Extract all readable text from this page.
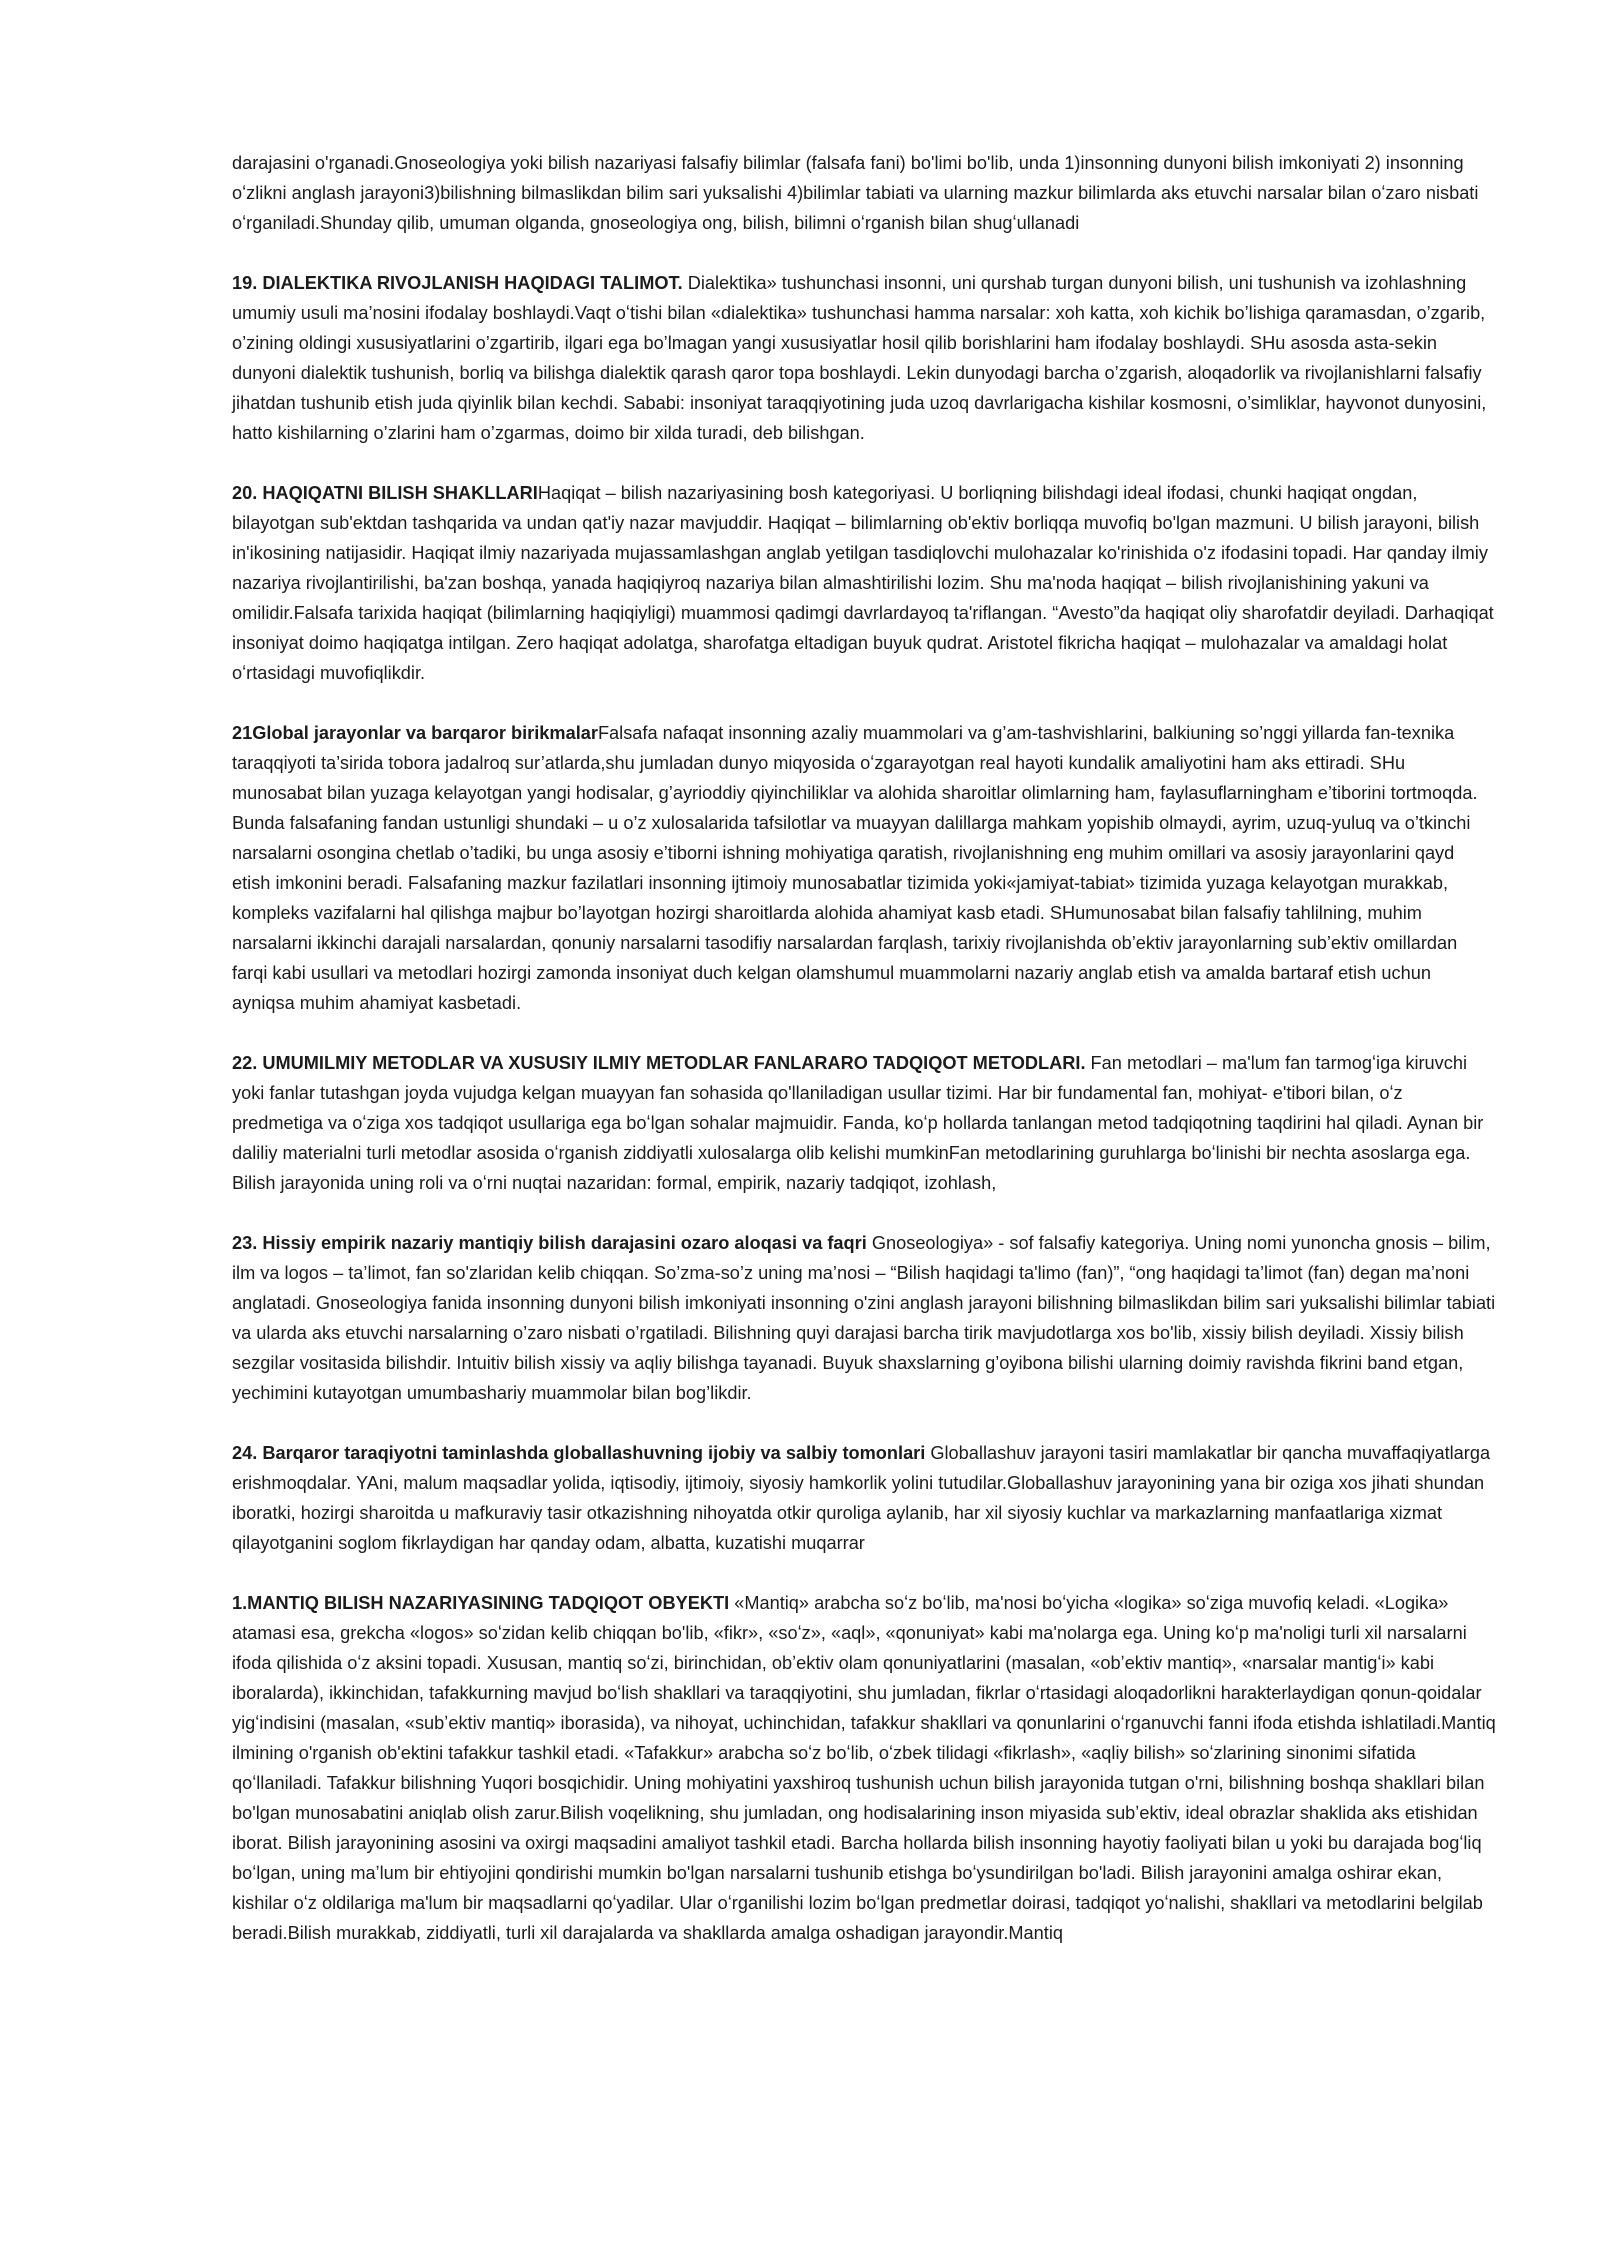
darajasini o'rganadi.Gnoseologiya yoki bilish nazariyasi falsafiy bilimlar (falsafa fani) bo'limi bo'lib, unda 1)insonning dunyoni bilish imkoniyati 2) insonning oʻzlikni anglash jarayoni3)bilishning bilmaslikdan bilim sari yuksalishi 4)bilimlar tabiati va ularning mazkur bilimlarda aks etuvchi narsalar bilan oʻzaro nisbati oʻrganiladi.Shunday qilib, umuman olganda, gnoseologiya ong, bilish, bilimni oʻrganish bilan shugʻullanadi

19. DIALEKTIKA RIVOJLANISH HAQIDAGI TALIMOT. Dialektika» tushunchasi insonni, uni qurshab turgan dunyoni bilish, uni tushunish va izohlashning umumiy usuli ma’nosini ifodalay boshlaydi.Vaqt oʻtishi bilan «dialektika» tushunchasi hamma narsalar: xoh katta, xoh kichik bo’lishiga qaramasdan, o’zgarib, o’zining oldingi xususiyatlarini o’zgartirib, ilgari ega bo’lmagan yangi xususiyatlar hosil qilib borishlarini ham ifodalay boshlaydi. SHu asosda asta-sekin dunyoni dialektik tushunish, borliq va bilishga dialektik qarash qaror topa boshlaydi. Lekin dunyodagi barcha o’zgarish, aloqadorlik va rivojlanishlarni falsafiy jihatdan tushunib etish juda qiyinlik bilan kechdi. Sababi: insoniyat taraqqiyotining juda uzoq davrlarigacha kishilar kosmosni, o’simliklar, hayvonot dunyosini, hatto kishilarning o’zlarini ham o’zgarmas, doimo bir xilda turadi, deb bilishgan.

20. HAQIQATNI BILISH SHAKLLARIHaqiqat – bilish nazariyasining bosh kategoriyasi. U borliqning bilishdagi ideal ifodasi, chunki haqiqat ongdan, bilayotgan sub'ektdan tashqarida va undan qat'iy nazar mavjuddir. Haqiqat – bilimlarning ob'ektiv borliqqa muvofiq bo'lgan mazmuni. U bilish jarayoni, bilish in'ikosining natijasidir. Haqiqat ilmiy nazariyada mujassamlashgan anglab yetilgan tasdiqlovchi mulohazalar ko'rinishida o'z ifodasini topadi. Har qanday ilmiy nazariya rivojlantirilishi, ba'zan boshqa, yanada haqiqiyroq nazariya bilan almashtirilishi lozim. Shu ma'noda haqiqat – bilish rivojlanishining yakuni va omilidir.Falsafa tarixida haqiqat (bilimlarning haqiqiyligi) muammosi qadimgi davrlardayoq ta'riflangan. “Avesto”da haqiqat oliy sharofatdir deyiladi. Darhaqiqat insoniyat doimo haqiqatga intilgan. Zero haqiqat adolatga, sharofatga eltadigan buyuk qudrat. Aristotel fikricha haqiqat – mulohazalar va amaldagi holat oʻrtasidagi muvofiqlikdir.

21Global jarayonlar va barqaror birikmalarFalsafa nafaqat insonning azaliy muammolari va g’am-tashvishlarini, balkiuning so’nggi yillarda fan-texnika taraqqiyoti ta’sirida tobora jadalroq sur’atlarda,shu jumladan dunyo miqyosida oʻzgarayotgan real hayoti kundalik amaliyotini ham aks ettiradi. SHu munosabat bilan yuzaga kelayotgan yangi hodisalar, g’ayrioddiy qiyinchiliklar va alohida sharoitlar olimlarning ham, faylasuflarningham e’tiborini tortmoqda. Bunda falsafaning fandan ustunligi shundaki – u o’z xulosalarida tafsilotlar va muayyan dalillarga mahkam yopishib olmaydi, ayrim, uzuq-yuluq va o’tkinchi narsalarni osongina chetlab o’tadiki, bu unga asosiy e’tiborni ishning mohiyatiga qaratish, rivojlanishning eng muhim omillari va asosiy jarayonlarini qayd etish imkonini beradi. Falsafaning mazkur fazilatlari insonning ijtimoiy munosabatlar tizimida yoki«jamiyat-tabiat» tizimida yuzaga kelayotgan murakkab, kompleks vazifalarni hal qilishga majbur bo’layotgan hozirgi sharoitlarda alohida ahamiyat kasb etadi. SHumunosabat bilan falsafiy tahlilning, muhim narsalarni ikkinchi darajali narsalardan, qonuniy narsalarni tasodifiy narsalardan farqlash, tarixiy rivojlanishda ob’ektiv jarayonlarning sub’ektiv omillardan farqi kabi usullari va metodlari hozirgi zamonda insoniyat duch kelgan olamshumul muammolarni nazariy anglab etish va amalda bartaraf etish uchun ayniqsa muhim ahamiyat kasbetadi.

22. UMUMILMIY METODLAR VA XUSUSIY ILMIY METODLAR FANLARARO TADQIQOT METODLARI. Fan metodlari – ma'lum fan tarmogʻiga kiruvchi yoki fanlar tutashgan joyda vujudga kelgan muayyan fan sohasida qo'llaniladigan usullar tizimi. Har bir fundamental fan, mohiyat- e'tibori bilan, oʻz predmetiga va oʻziga xos tadqiqot usullariga ega boʻlgan sohalar majmuidir. Fanda, koʻp hollarda tanlangan metod tadqiqotning taqdirini hal qiladi. Aynan bir daliliy materialni turli metodlar asosida oʻrganish ziddiyatli xulosalarga olib kelishi mumkinFan metodlarining guruhlarga boʻlinishi bir nechta asoslarga ega. Bilish jarayonida uning roli va oʻrni nuqtai nazaridan: formal, empirik, nazariy tadqiqot, izohlash,

23. Hissiy empirik nazariy mantiqiy bilish darajasini ozaro aloqasi va faqri Gnoseologiya» - sof falsafiy kategoriya. Uning nomi yunoncha gnosis – bilim, ilm va logos – ta’limot, fan so'zlaridan kelib chiqqan. So’zma-so’z uning ma’nosi – “Bilish haqidagi ta'limo (fan)”, “ong haqidagi ta’limot (fan) degan ma’noni anglatadi. Gnoseologiya fanida insonning dunyoni bilish imkoniyati insonning o'zini anglash jarayoni bilishning bilmaslikdan bilim sari yuksalishi bilimlar tabiati va ularda aks etuvchi narsalarning o’zaro nisbati o’rgatiladi. Bilishning quyi darajasi barcha tirik mavjudotlarga xos bo'lib, xissiy bilish deyiladi. Xissiy bilish sezgilar vositasida bilishdir. Intuitiv bilish xissiy va aqliy bilishga tayanadi. Buyuk shaxslarning g’oyibona bilishi ularning doimiy ravishda fikrini band etgan, yechimini kutayotgan umumbashariy muammolar bilan bog’likdir.

24. Barqaror taraqiyotni taminlashda globallashuvning ijobiy va salbiy tomonlari Globallashuv jarayoni tasiri mamlakatlar bir qancha muvaffaqiyatlarga erishmoqdalar. YAni, malum maqsadlar yolida, iqtisodiy, ijtimoiy, siyosiy hamkorlik yolini tutudilar.Globallashuv jarayonining yana bir oziga xos jihati shundan iboratki, hozirgi sharoitda u mafkuraviy tasir otkazishning nihoyatda otkir quroliga aylanib, har xil siyosiy kuchlar va markazlarning manfaatlariga xizmat qilayotganini soglom fikrlaydigan har qanday odam, albatta, kuzatishi muqarrar

1.MANTIQ BILISH NAZARIYASINING TADQIQOT OBYEKTI «Mantiq» arabcha soʻz boʻlib, ma'nosi boʻyicha «logika» soʻziga muvofiq keladi. «Logika» atamasi esa, grekcha «logos» soʻzidan kelib chiqqan bo'lib, «fikr», «soʻz», «aql», «qonuniyat» kabi ma'nolarga ega. Uning koʻp ma'noligi turli xil narsalarni ifoda qilishida oʻz aksini topadi. Xususan, mantiq soʻzi, birinchidan, obʼektiv olam qonuniyatlarini (masalan, «obʼektiv mantiq», «narsalar mantigʻi» kabi iboralarda), ikkinchidan, tafakkurning mavjud boʻlish shakllari va taraqqiyotini, shu jumladan, fikrlar oʻrtasidagi aloqadorlikni harakterlaydigan qonun-qoidalar yigʻindisini (masalan, «subʼektiv mantiq» iborasida), va nihoyat, uchinchidan, tafakkur shakllari va qonunlarini oʻrganuvchi fanni ifoda etishda ishlatiladi.Mantiq ilmining o'rganish ob'ektini tafakkur tashkil etadi. «Tafakkur» arabcha soʻz boʻlib, oʻzbek tilidagi «fikrlash», «aqliy bilish» soʻzlarining sinonimi sifatida qoʻllaniladi. Tafakkur bilishning Yuqori bosqichidir. Uning mohiyatini yaxshiroq tushunish uchun bilish jarayonida tutgan o'rni, bilishning boshqa shakllari bilan bo'lgan munosabatini aniqlab olish zarur.Bilish voqelikning, shu jumladan, ong hodisalarining inson miyasida subʼektiv, ideal obrazlar shaklida aks etishidan iborat. Bilish jarayonining asosini va oxirgi maqsadini amaliyot tashkil etadi. Barcha hollarda bilish insonning hayotiy faoliyati bilan u yoki bu darajada bogʻliq boʻlgan, uning maʼlum bir ehtiyojini qondirishi mumkin bo'lgan narsalarni tushunib etishga boʻysundirilgan bo'ladi. Bilish jarayonini amalga oshirar ekan, kishilar oʻz oldilariga ma'lum bir maqsadlarni qoʻyadilar. Ular oʻrganilishi lozim boʻlgan predmetlar doirasi, tadqiqot yoʻnalishi, shakllari va metodlarini belgilab beradi.Bilish murakkab, ziddiyatli, turli xil darajalarda va shakllarda amalga oshadigan jarayondir.Mantiq
